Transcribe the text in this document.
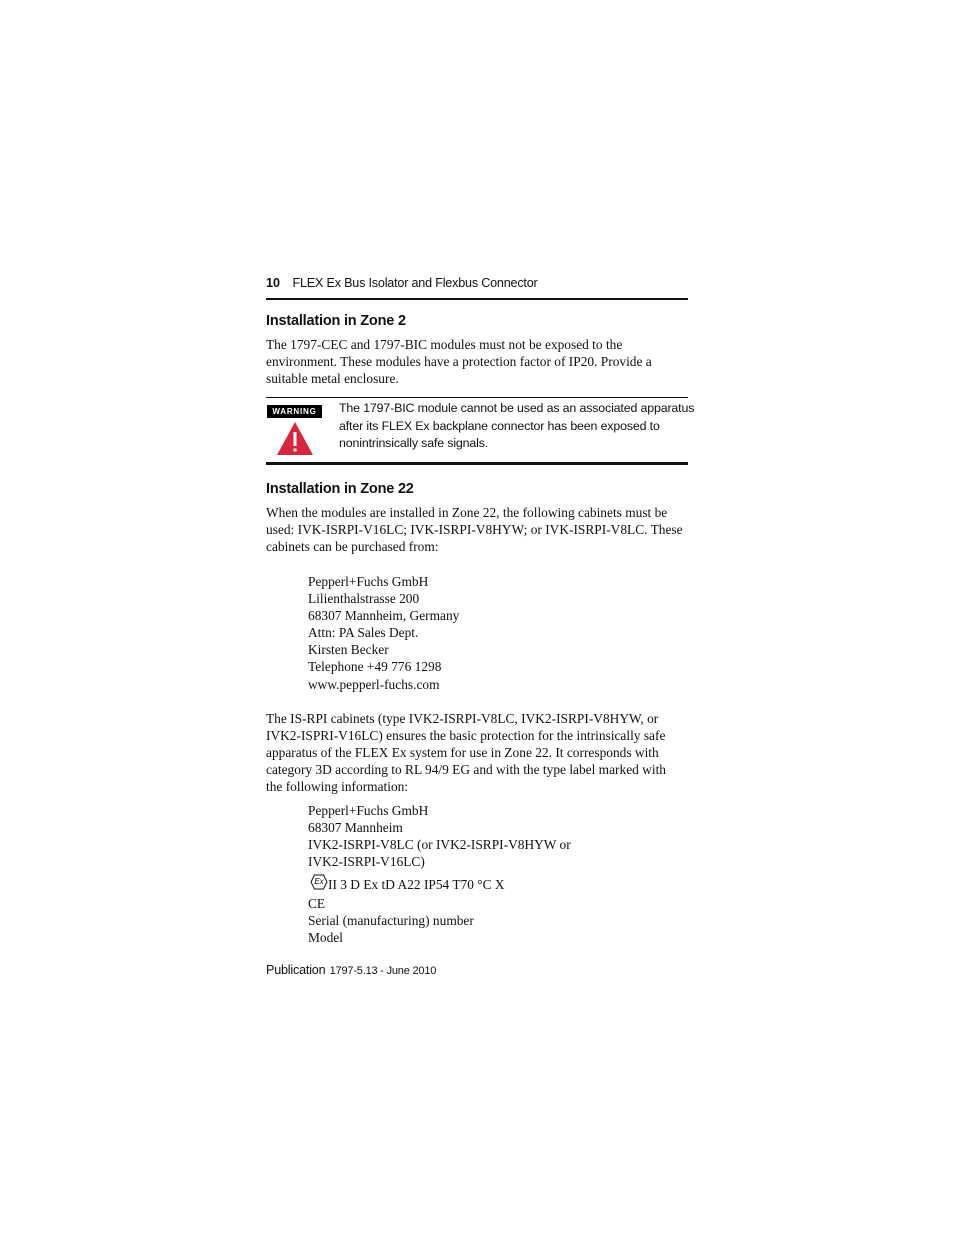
10 FLEX Ex Bus Isolator and Flexbus Connector
Installation in Zone 2
The 1797-CEC and 1797-BIC modules must not be exposed to the
environment. These modules have a protection factor of IP20. Provide a
suitable metal enclosure.
WARNING	The 1797-BIC module cannot be used as an associated apparatus
after its FLEX Ex backplane connector has been exposed to
nonintrinsically safe signals.
Installation in Zone 22
When the modules are installed in Zone 22, the following cabinets must be
used: IVK-ISRPI-V16LC; IVK-ISRPI-V8HYW; or IVK-ISRPI-V8LC. These
cabinets can be purchased from:
Pepperl+Fuchs GmbH
Lilienthalstrasse 200
68307 Mannheim, Germany
Attn: PA Sales Dept.
Kirsten Becker
Telephone +49 776 1298
www.pepperl-fuchs.com
The IS-RPI cabinets (type IVK2-ISRPI-V8LC, IVK2-ISRPI-V8HYW, or
IVK2-ISPRI-V16LC) ensures the basic protection for the intrinsically safe
apparatus of the FLEX Ex system for use in Zone 22. It corresponds with
category 3D according to RL 94/9 EG and with the type label marked with
the following information:
Pepperl+Fuchs GmbH
68307 Mannheim
IVK2-ISRPI-V8LC (or IVK2-ISRPI-V8HYW or
IVK2-ISRPI-V16LC)
Ex II 3 D Ex tD A22 IP54 T70 °C X
CE
Serial (manufacturing) number
Model
Publication 1797-5.13 - June 2010
